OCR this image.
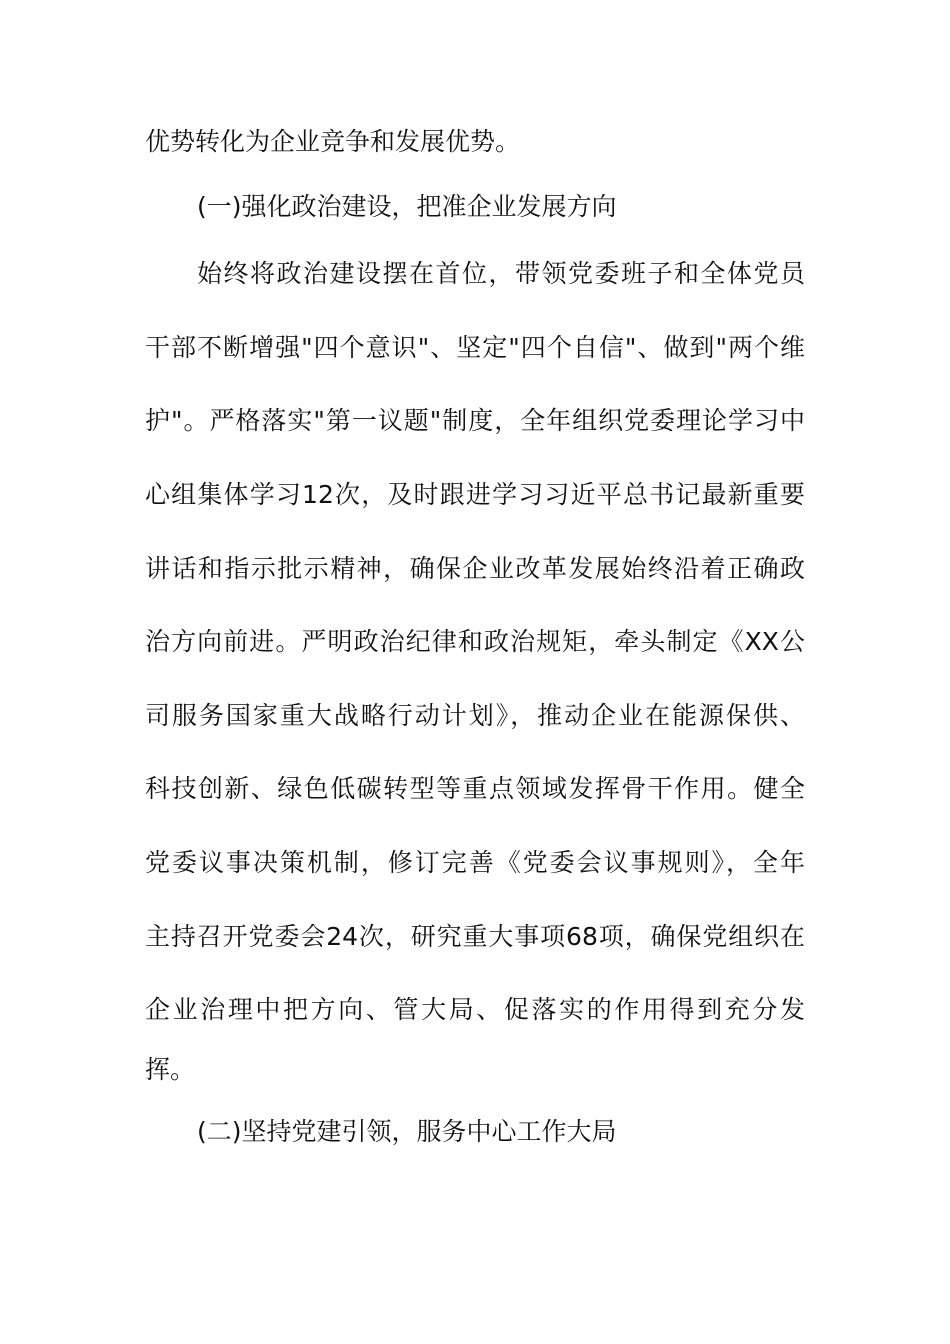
优势转化为企业竞争和发展优势。
(一)强化政治建设，把准企业发展方向
始终将政治建设摆在首位，带领党委班子和全体党员
干部不断增强"四个意识"、坚定"四个自信"、做到"两个维
护"。严格落实"第一议题"制度，全年组织党委理论学习中
心组集体学习12次，及时跟进学习习近平总书记最新重要
讲话和指示批示精神，确保企业改革发展始终沿着正确政
治方向前进。严明政治纪律和政治规矩，牵头制定《XX公
司服务国家重大战略行动计划》，推动企业在能源保供、
科技创新、绿色低碳转型等重点领域发挥骨干作用。健全
党委议事决策机制，修订完善《党委会议事规则》，全年
主持召开党委会24次，研究重大事项68项，确保党组织在
企业治理中把方向、管大局、促落实的作用得到充分发
挥。
(二)坚持党建引领，服务中心工作大局
